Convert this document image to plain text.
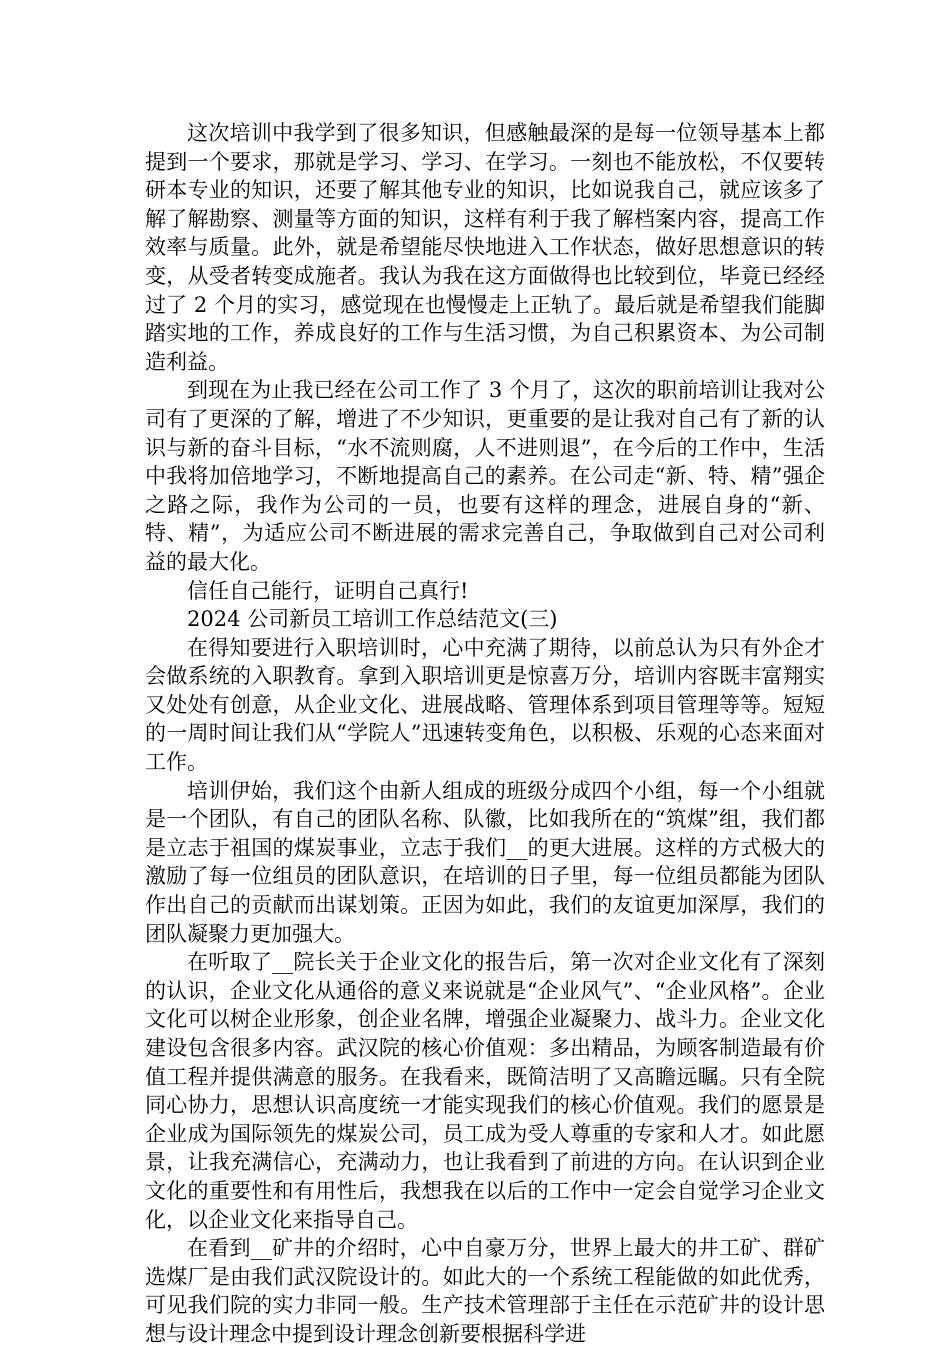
这次培训中我学到了很多知识，但感触最深的是每一位领导基本上都提到一个要求，那就是学习、学习、在学习。一刻也不能放松，不仅要转研本专业的知识，还要了解其他专业的知识，比如说我自己，就应该多了解了解勘察、测量等方面的知识，这样有利于我了解档案内容，提高工作效率与质量。此外，就是希望能尽快地进入工作状态，做好思想意识的转变，从受者转变成施者。我认为我在这方面做得也比较到位，毕竟已经经过了 2 个月的实习，感觉现在也慢慢走上正轨了。最后就是希望我们能脚踏实地的工作，养成良好的工作与生活习惯，为自己积累资本、为公司制造利益。

到现在为止我已经在公司工作了 3 个月了，这次的职前培训让我对公司有了更深的了解，增进了不少知识，更重要的是让我对自己有了新的认识与新的奋斗目标，“水不流则腐，人不进则退”，在今后的工作中，生活中我将加倍地学习，不断地提高自己的素养。在公司走“新、特、精”强企之路之际，我作为公司的一员，也要有这样的理念，进展自身的“新、特、精”，为适应公司不断进展的需求完善自己，争取做到自己对公司利益的最大化。

信任自己能行，证明自己真行!

2024 公司新员工培训工作总结范文(三)

在得知要进行入职培训时，心中充满了期待，以前总认为只有外企才会做系统的入职教育。拿到入职培训更是惊喜万分，培训内容既丰富翔实又处处有创意，从企业文化、进展战略、管理体系到项目管理等等。短短的一周时间让我们从“学院人”迅速转变角色，以积极、乐观的心态来面对工作。

培训伊始，我们这个由新人组成的班级分成四个小组，每一个小组就是一个团队，有自己的团队名称、队徽，比如我所在的“筑煤”组，我们都是立志于祖国的煤炭事业，立志于我们__的更大进展。这样的方式极大的激励了每一位组员的团队意识，在培训的日子里，每一位组员都能为团队作出自己的贡献而出谋划策。正因为如此，我们的友谊更加深厚，我们的团队凝聚力更加强大。

在听取了__院长关于企业文化的报告后，第一次对企业文化有了深刻的认识，企业文化从通俗的意义来说就是“企业风气”、“企业风格”。企业文化可以树企业形象，创企业名牌，增强企业凝聚力、战斗力。企业文化建设包含很多内容。武汉院的核心价值观：多出精品，为顾客制造最有价值工程并提供满意的服务。在我看来，既简洁明了又高瞻远瞩。只有全院同心协力，思想认识高度统一才能实现我们的核心价值观。我们的愿景是企业成为国际领先的煤炭公司，员工成为受人尊重的专家和人才。如此愿景，让我充满信心，充满动力，也让我看到了前进的方向。在认识到企业文化的重要性和有用性后，我想我在以后的工作中一定会自觉学习企业文化，以企业文化来指导自己。

在看到__矿井的介绍时，心中自豪万分，世界上最大的井工矿、群矿选煤厂是由我们武汉院设计的。如此大的一个系统工程能做的如此优秀，可见我们院的实力非同一般。生产技术管理部于主任在示范矿井的设计思想与设计理念中提到设计理念创新要根据科学进
